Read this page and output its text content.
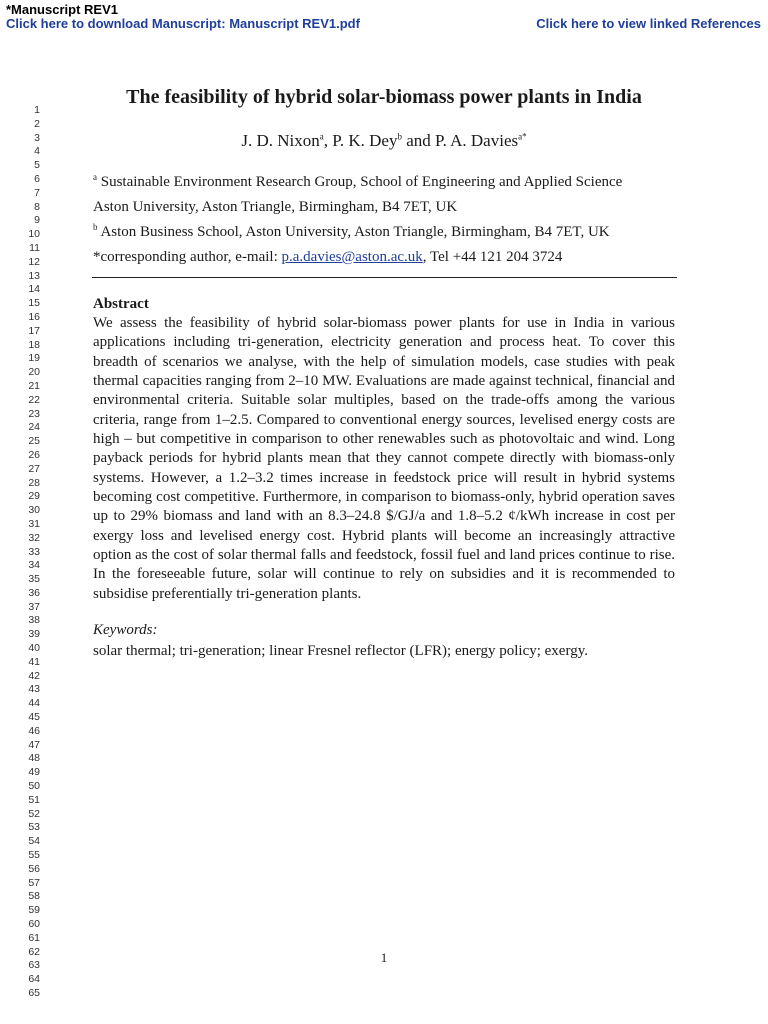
*Manuscript REV1
Click here to download Manuscript: Manuscript REV1.pdf	Click here to view linked References
1
2
3
4
5
6
7
8
9
10
11
12
13
14
15
16
17
18
19
20
21
22
23
24
25
26
27
28
29
30
31
32
33
34
35
36
37
38
39
40
41
42
43
44
45
46
47
48
49
50
51
52
53
54
55
56
57
58
59
60
61
62
63
64
65
The feasibility of hybrid solar-biomass power plants in India
J. D. Nixon$^a$, P. K. Dey$^b$ and P. A. Davies$^{a*}$
$^a$ Sustainable Environment Research Group, School of Engineering and Applied Science
Aston University, Aston Triangle, Birmingham, B4 7ET, UK
$^b$ Aston Business School, Aston University, Aston Triangle, Birmingham, B4 7ET, UK
*corresponding author, e-mail: p.a.davies@aston.ac.uk, Tel +44 121 204 3724
Abstract

We assess the feasibility of hybrid solar-biomass power plants for use in India in various applications including tri-generation, electricity generation and process heat. To cover this breadth of scenarios we analyse, with the help of simulation models, case studies with peak thermal capacities ranging from 2–10 MW. Evaluations are made against technical, financial and environmental criteria. Suitable solar multiples, based on the trade-offs among the various criteria, range from 1–2.5. Compared to conventional energy sources, levelised energy costs are high – but competitive in comparison to other renewables such as photovoltaic and wind. Long payback periods for hybrid plants mean that they cannot compete directly with biomass-only systems. However, a 1.2–3.2 times increase in feedstock price will result in hybrid systems becoming cost competitive. Furthermore, in comparison to biomass-only, hybrid operation saves up to 29% biomass and land with an 8.3–24.8 $/GJ/a and 1.8–5.2 ¢/kWh increase in cost per exergy loss and levelised energy cost. Hybrid plants will become an increasingly attractive option as the cost of solar thermal falls and feedstock, fossil fuel and land prices continue to rise. In the foreseeable future, solar will continue to rely on subsidies and it is recommended to subsidise preferentially tri-generation plants.

Keywords:
solar thermal; tri-generation; linear Fresnel reflector (LFR); energy policy; exergy.
1
